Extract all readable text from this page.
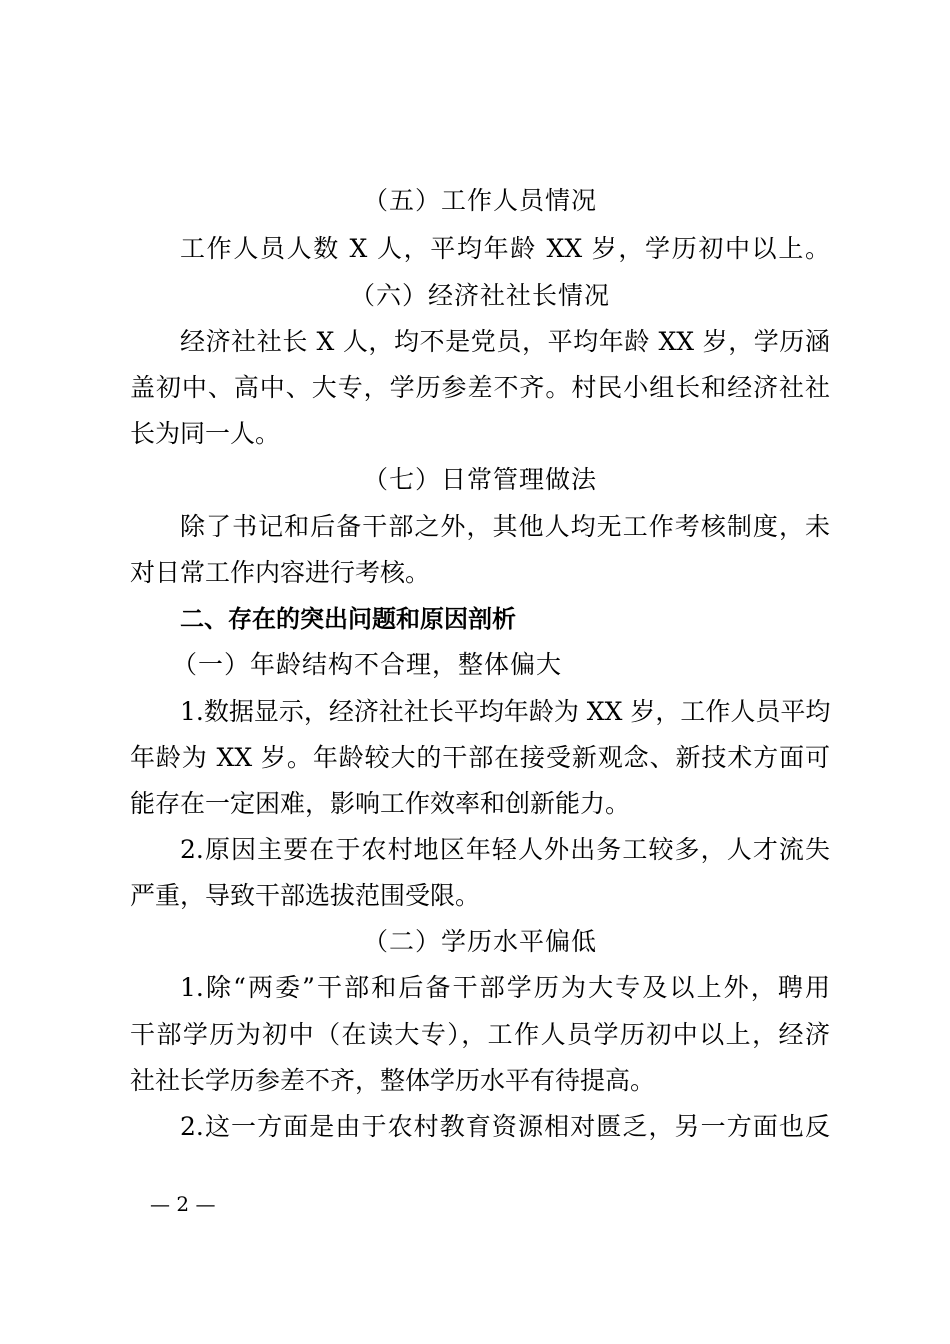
（五）工作人员情况
工作人员人数 X 人，平均年龄 XX 岁，学历初中以上。
（六）经济社社长情况
经济社社长 X 人，均不是党员，平均年龄 XX 岁，学历涵
盖初中、高中、大专，学历参差不齐。村民小组长和经济社社
长为同一人。
（七）日常管理做法
除了书记和后备干部之外，其他人均无工作考核制度，未
对日常工作内容进行考核。
二、存在的突出问题和原因剖析
（一）年龄结构不合理，整体偏大
1.数据显示，经济社社长平均年龄为 XX 岁，工作人员平均
年龄为 XX 岁。年龄较大的干部在接受新观念、新技术方面可
能存在一定困难，影响工作效率和创新能力。
2.原因主要在于农村地区年轻人外出务工较多，人才流失
严重，导致干部选拔范围受限。
（二）学历水平偏低
1.除“两委”干部和后备干部学历为大专及以上外，聘用
干部学历为初中（在读大专），工作人员学历初中以上，经济
社社长学历参差不齐，整体学历水平有待提高。
2.这一方面是由于农村教育资源相对匮乏，另一方面也反
— 2 —
